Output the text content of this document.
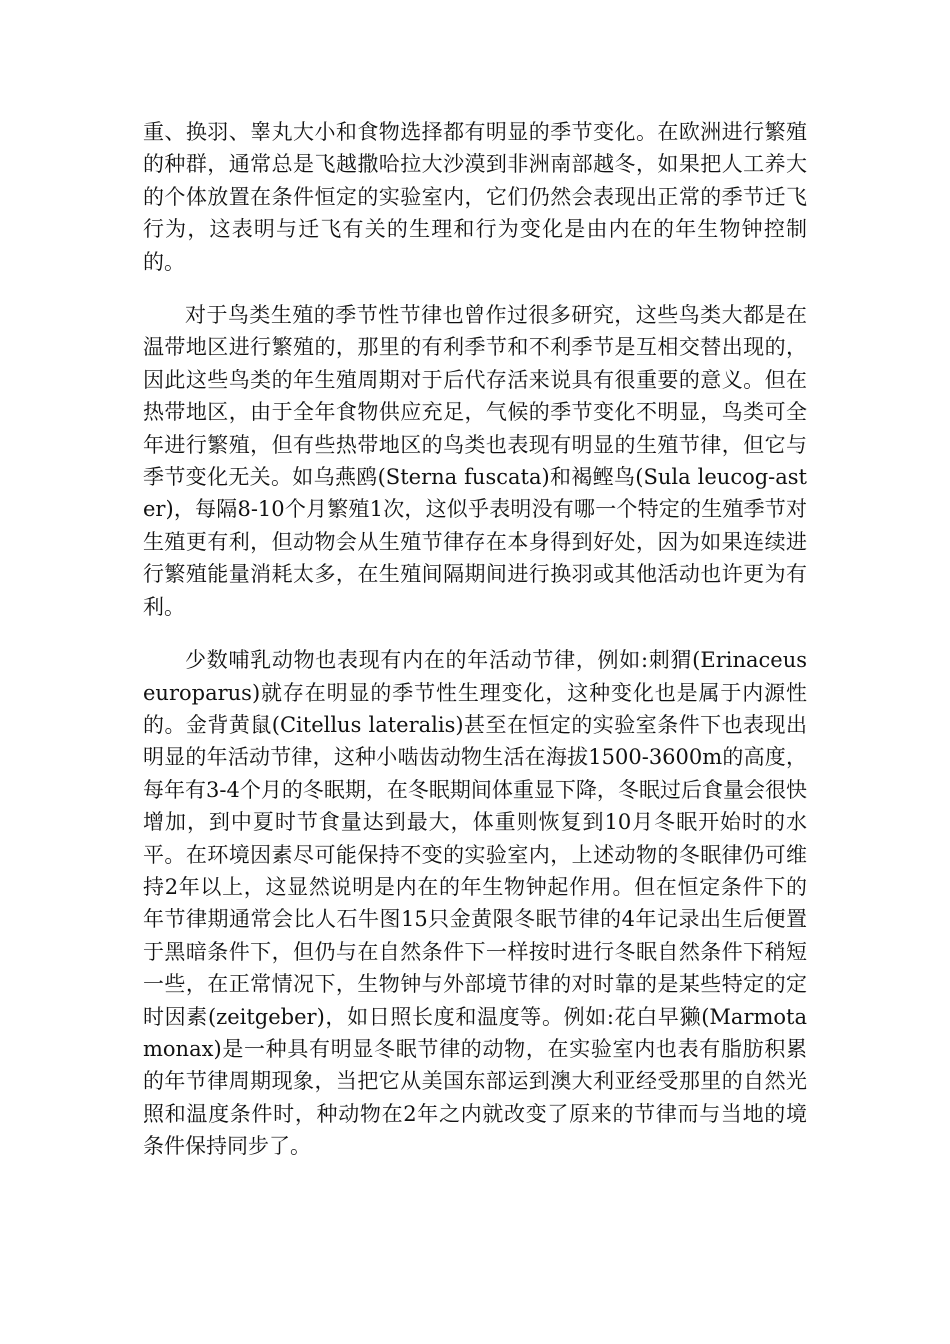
重、换羽、睾丸大小和食物选择都有明显的季节变化。在欧洲进行繁殖的种群，通常总是飞越撒哈拉大沙漠到非洲南部越冬，如果把人工养大的个体放置在条件恒定的实验室内，它们仍然会表现出正常的季节迁飞行为，这表明与迁飞有关的生理和行为变化是由内在的年生物钟控制的。

对于鸟类生殖的季节性节律也曾作过很多研究，这些鸟类大都是在温带地区进行繁殖的，那里的有利季节和不利季节是互相交替出现的，因此这些鸟类的年生殖周期对于后代存活来说具有很重要的意义。但在热带地区，由于全年食物供应充足，气候的季节变化不明显，鸟类可全年进行繁殖，但有些热带地区的鸟类也表现有明显的生殖节律，但它与季节变化无关。如乌燕鸥(Sterna fuscata)和褐鲣鸟(Sula leucog-aster)，每隔8-10个月繁殖1次，这似乎表明没有哪一个特定的生殖季节对生殖更有利，但动物会从生殖节律存在本身得到好处，因为如果连续进行繁殖能量消耗太多，在生殖间隔期间进行换羽或其他活动也许更为有利。

少数哺乳动物也表现有内在的年活动节律，例如:刺猬(Erinaceus europarus)就存在明显的季节性生理变化，这种变化也是属于内源性的。金背黄鼠(Citellus lateralis)甚至在恒定的实验室条件下也表现出明显的年活动节律，这种小啮齿动物生活在海拔1500-3600m的高度，每年有3-4个月的冬眠期，在冬眠期间体重显下降，冬眠过后食量会很快增加，到中夏时节食量达到最大，体重则恢复到10月冬眠开始时的水平。在环境因素尽可能保持不变的实验室内，上述动物的冬眠律仍可维持2年以上，这显然说明是内在的年生物钟起作用。但在恒定条件下的年节律期通常会比人石牛图15只金黄限冬眠节律的4年记录出生后便置于黑暗条件下，但仍与在自然条件下一样按时进行冬眠自然条件下稍短一些，在正常情况下，生物钟与外部境节律的对时靠的是某些特定的定时因素(zeitgeber)，如日照长度和温度等。例如:花白早獭(Marmota monax)是一种具有明显冬眠节律的动物，在实验室内也表有脂肪积累的年节律周期现象，当把它从美国东部运到澳大利亚经受那里的自然光照和温度条件时，种动物在2年之内就改变了原来的节律而与当地的境条件保持同步了。
